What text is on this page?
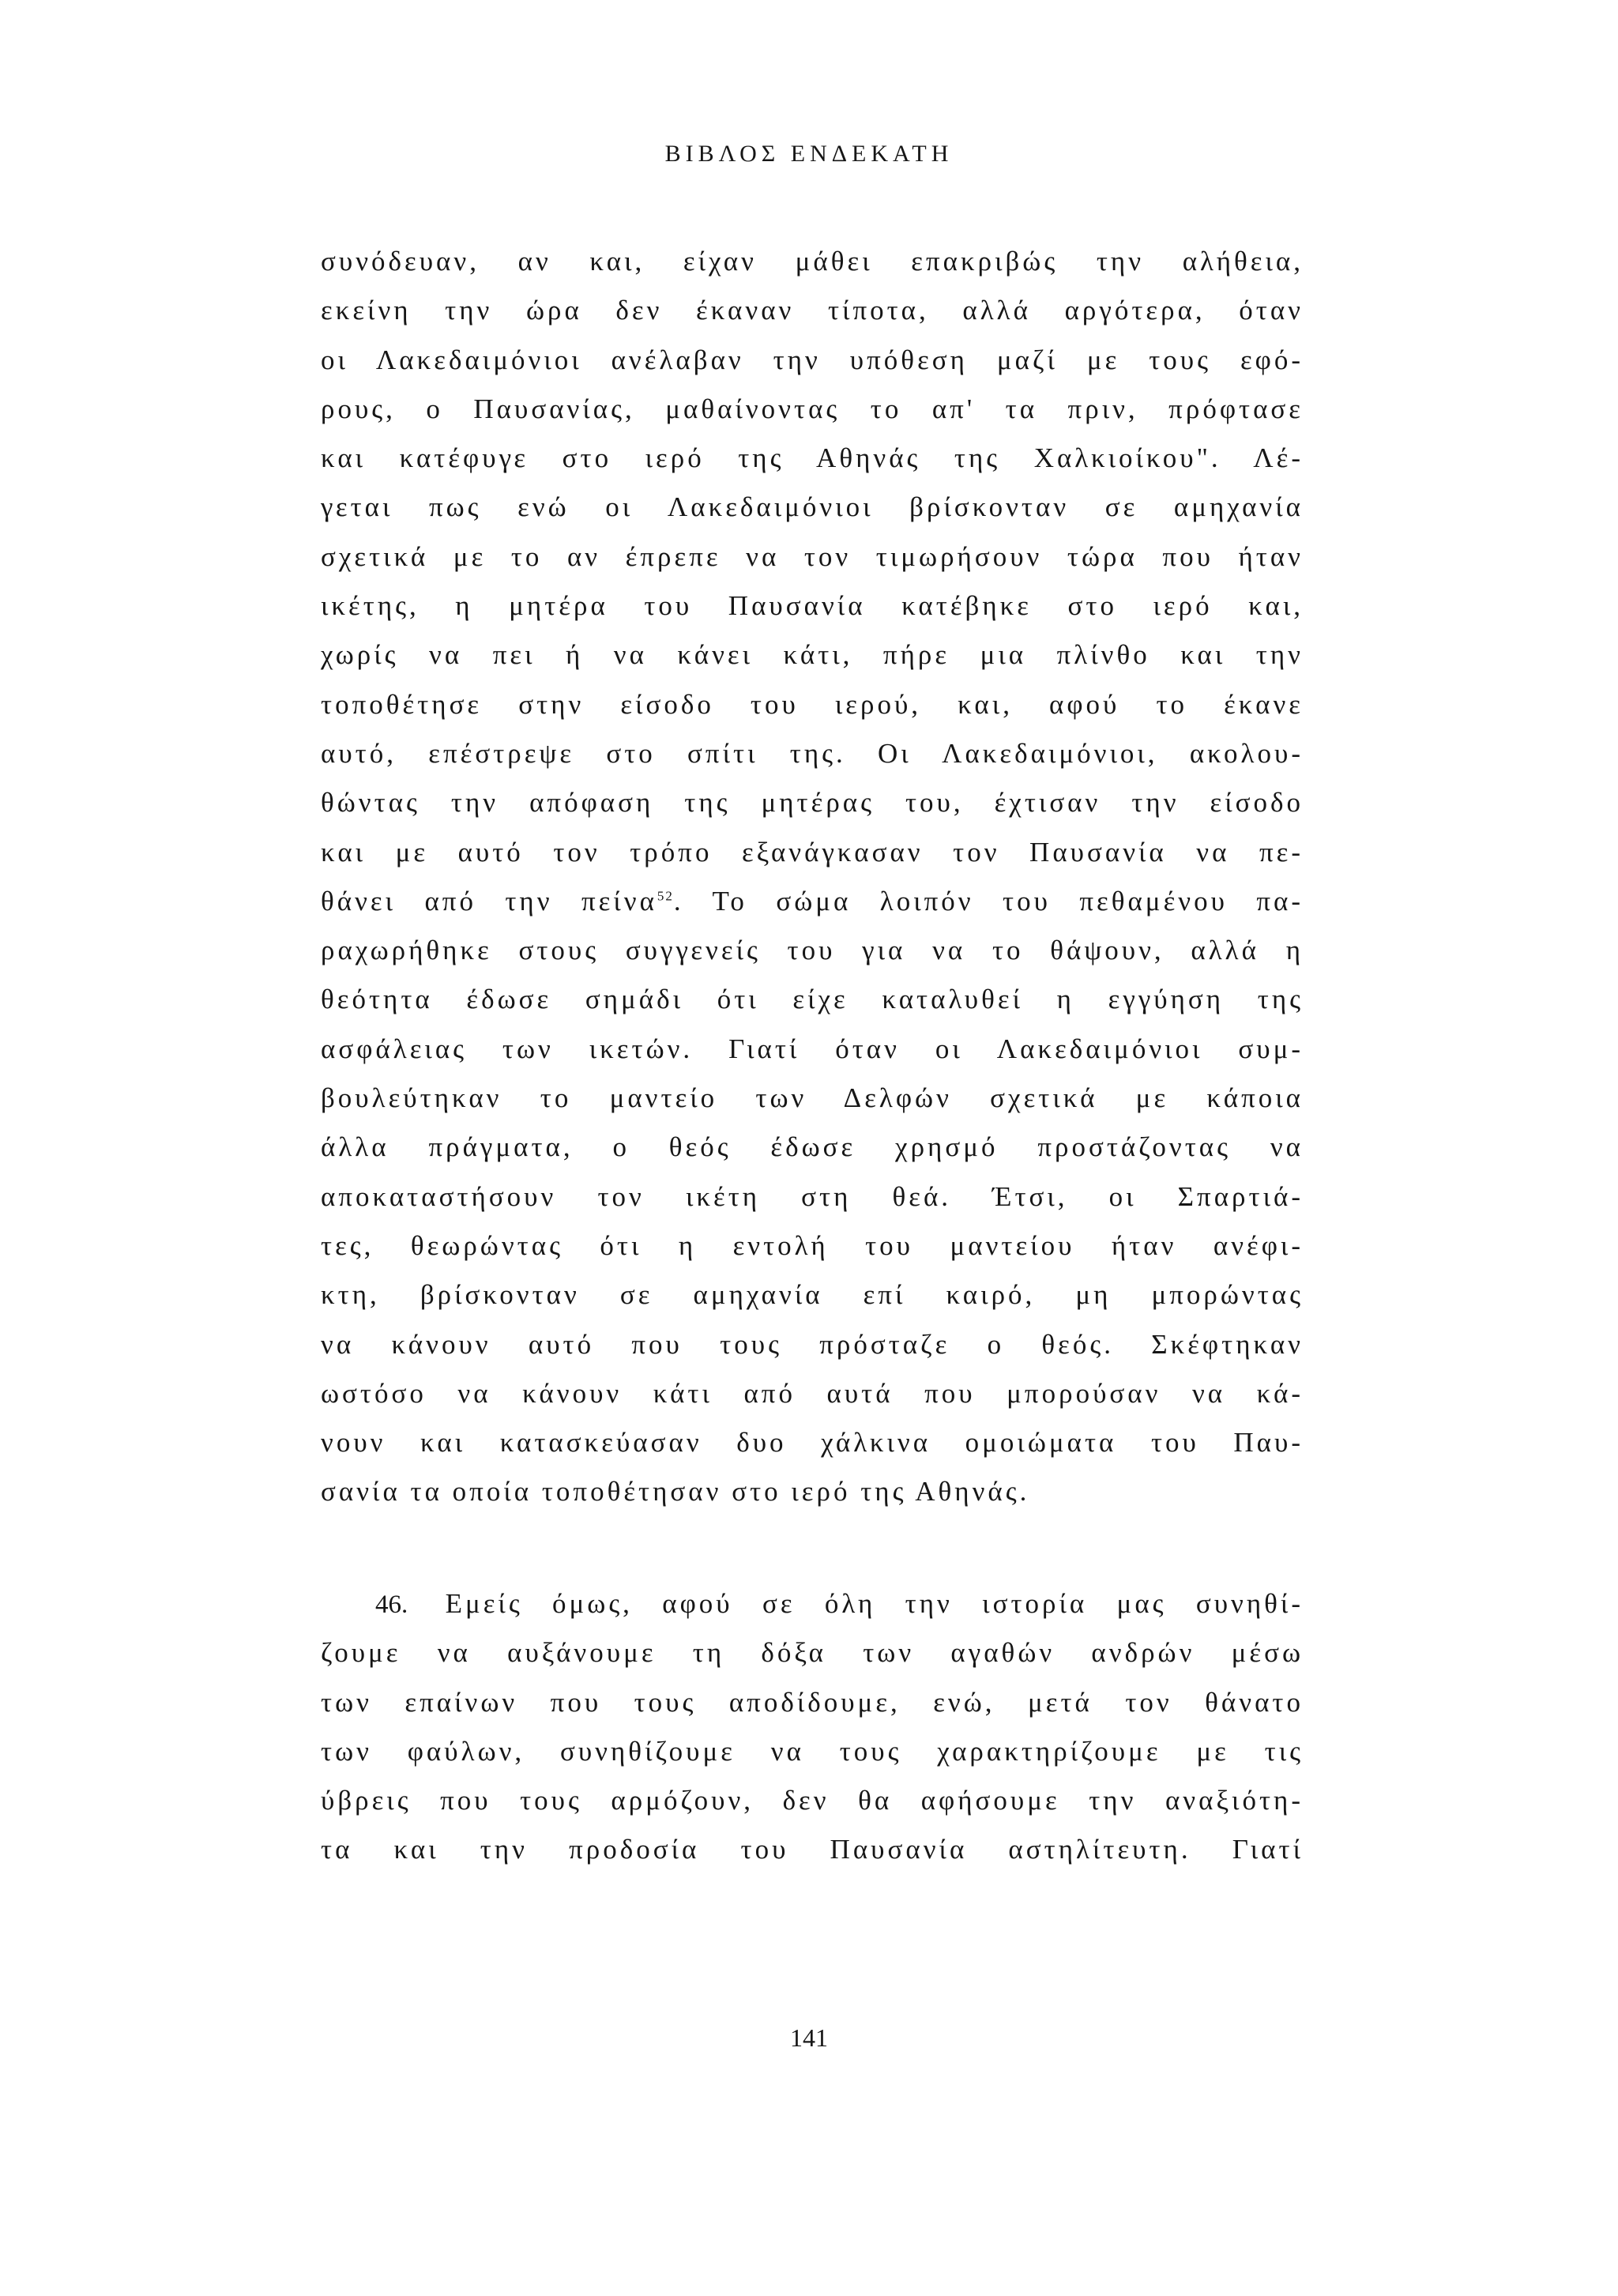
ΒΙΒΛΟΣ ΕΝΔΕΚΑΤΗ
συνόδευαν, αν και, είχαν μάθει επακριβώς την αλήθεια,
εκείνη την ώρα δεν έκαναν τίποτα, αλλά αργότερα, όταν
οι Λακεδαιμόνιοι ανέλαβαν την υπόθεση μαζί με τους εφό-
ρους, ο Παυσανίας, μαθαίνοντας το απ' τα πριν, πρόφτασε
και κατέφυγε στο ιερό της Αθηνάς της Χαλκιοίκου". Λέ-
γεται πως ενώ οι Λακεδαιμόνιοι βρίσκονταν σε αμηχανία
σχετικά με το αν έπρεπε να τον τιμωρήσουν τώρα που ήταν
ικέτης, η μητέρα του Παυσανία κατέβηκε στο ιερό και,
χωρίς να πει ή να κάνει κάτι, πήρε μια πλίνθο και την
τοποθέτησε στην είσοδο του ιερού, και, αφού το έκανε
αυτό, επέστρεψε στο σπίτι της. Οι Λακεδαιμόνιοι, ακολου-
θώντας την απόφαση της μητέρας του, έχτισαν την είσοδο
και με αυτό τον τρόπο εξανάγκασαν τον Παυσανία να πε-
θάνει από την πείνα$^{52}$. Το σώμα λοιπόν του πεθαμένου πα-
ραχωρήθηκε στους συγγενείς του για να το θάψουν, αλλά η
θεότητα έδωσε σημάδι ότι είχε καταλυθεί η εγγύηση της
ασφάλειας των ικετών. Γιατί όταν οι Λακεδαιμόνιοι συμ-
βουλεύτηκαν το μαντείο των Δελφών σχετικά με κάποια
άλλα πράγματα, ο θεός έδωσε χρησμό προστάζοντας να
αποκαταστήσουν τον ικέτη στη θεά. Έτσι, οι Σπαρτιά-
τες, θεωρώντας ότι η εντολή του μαντείου ήταν ανέφι-
κτη, βρίσκονταν σε αμηχανία επί καιρό, μη μπορώντας
να κάνουν αυτό που τους πρόσταζε ο θεός. Σκέφτηκαν
ωστόσο να κάνουν κάτι από αυτά που μπορούσαν να κά-
νουν και κατασκεύασαν δυο χάλκινα ομοιώματα του Παυ-
σανία τα οποία τοποθέτησαν στο ιερό της Αθηνάς.
46. Εμείς όμως, αφού σε όλη την ιστορία μας συνηθί-
ζουμε να αυξάνουμε τη δόξα των αγαθών ανδρών μέσω
των επαίνων που τους αποδίδουμε, ενώ, μετά τον θάνατο
των φαύλων, συνηθίζουμε να τους χαρακτηρίζουμε με τις
ύβρεις που τους αρμόζουν, δεν θα αφήσουμε την αναξιότη-
τα και την προδοσία του Παυσανία αστηλίτευτη. Γιατί
141
